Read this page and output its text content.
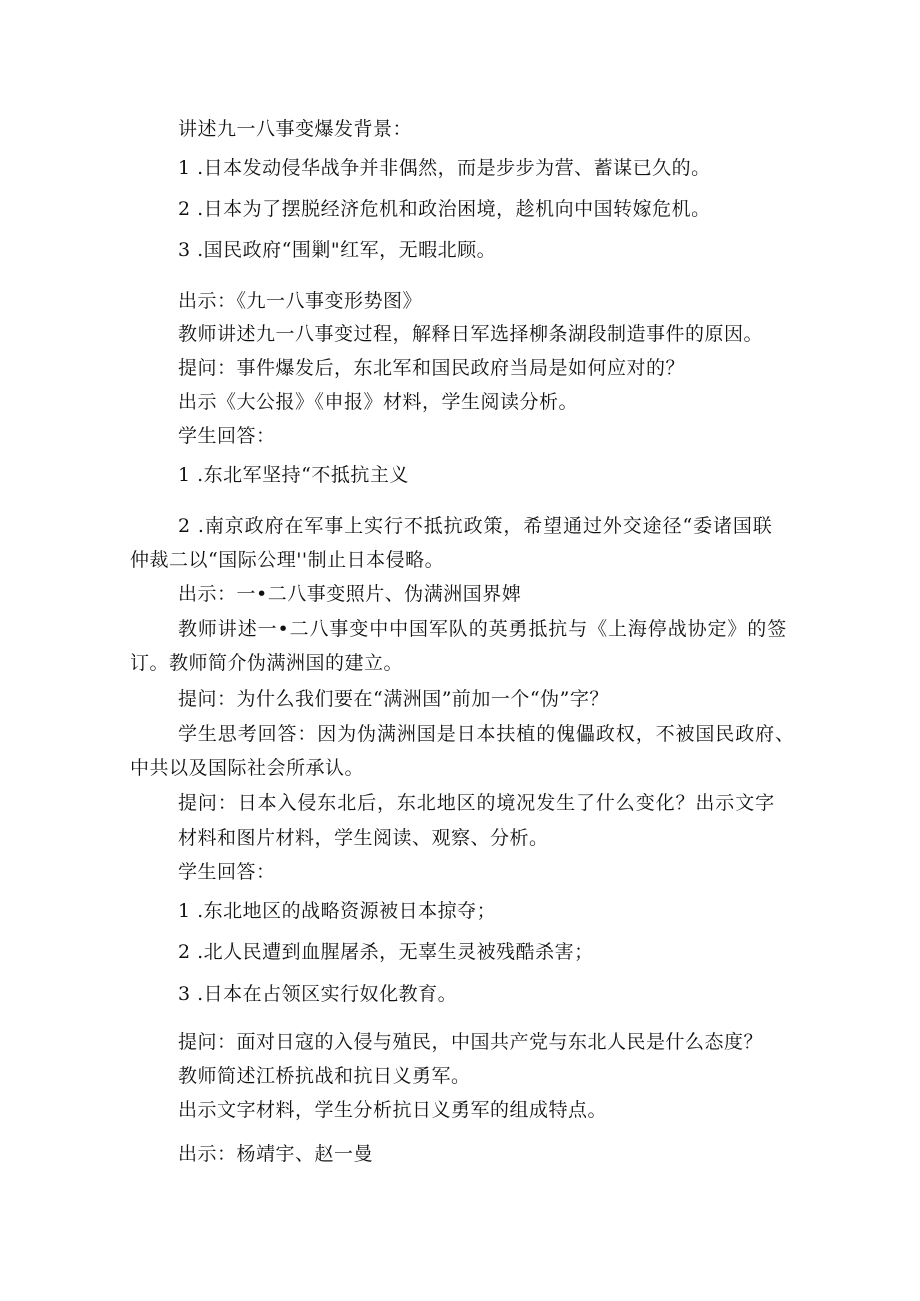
讲述九一八事变爆发背景：
1 .日本发动侵华战争并非偶然，而是步步为营、蓄谋已久的。
2 .日本为了摆脱经济危机和政治困境，趁机向中国转嫁危机。
3 .国民政府“围剿"红军，无暇北顾。
出示：《九一八事变形势图》
教师讲述九一八事变过程，解释日军选择柳条湖段制造事件的原因。
提问：事件爆发后，东北军和国民政府当局是如何应对的？
出示《大公报》《申报》材料，学生阅读分析。
学生回答：
1 .东北军坚持“不抵抗主义
2 .南京政府在军事上实行不抵抗政策，希望通过外交途径“委诸国联
仲裁二以“国际公理''制止日本侵略。
出示：一•二八事变照片、伪满洲国界婢
教师讲述一•二八事变中中国军队的英勇抵抗与《上海停战协定》的签
订。教师简介伪满洲国的建立。
提问：为什么我们要在“满洲国”前加一个“伪”字？
学生思考回答：因为伪满洲国是日本扶植的傀儡政权，不被国民政府、
中共以及国际社会所承认。
提问：日本入侵东北后，东北地区的境况发生了什么变化？出示文字
材料和图片材料，学生阅读、观察、分析。
学生回答：
1 .东北地区的战略资源被日本掠夺；
2 .北人民遭到血腥屠杀，无辜生灵被残酷杀害；
3 .日本在占领区实行奴化教育。
提问：面对日寇的入侵与殖民，中国共产党与东北人民是什么态度？
教师简述江桥抗战和抗日义勇军。
出示文字材料，学生分析抗日义勇军的组成特点。
出示：杨靖宇、赵一曼
